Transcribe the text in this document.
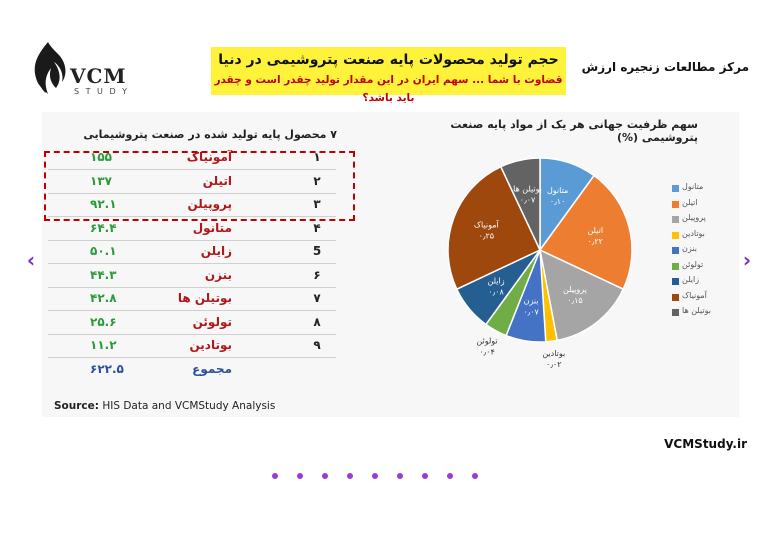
‹	›
VCM
S T U D Y
حجم تولید محصولات پایه صنعت پتروشیمی در دنیا
قضاوت با شما ... سهم ایران در این مقدار تولید چقدر است و چقدر باید باشد؟
مرکز مطالعات زنجیره ارزش
۷ محصول پایه تولید شده در صنعت پتروشیمایی
۱
آمونیاک
۱۵۵
۲
اتیلن
۱۳۷
۳
پروپیلن
۹۲.۱
۴
متانول
۶۴.۴
5
زایلن
۵۰.۱
۶
بنزن
۴۴.۳
۷
بوتیلن ها
۴۲.۸
۸
تولوئن
۲۵.۶
۹
بوتادین
۱۱.۲
مجموع
۶۲۲.۵
Source: HIS Data and VCMStudy Analysis
سهم ظرفیت جهانی هر یک از مواد پایه صنعت پتروشیمی (%)
متانول
۰٫۱۰
اتیلن
۰٫۲۲
پروپیلن
۰٫۱۵
بوتادین
۰٫۰۲
بنزن
۰٫۰۷
تولوئن
۰٫۰۴
زایلن
۰٫۰۸
آمونیاک
۰٫۲۵
بوتیلن ها
۰٫۰۷
متانول
اتیلن
پروپیلن
بوتادین
بنزن
تولوئن
زایلن
آمونیاک
بوتیلن ها
VCMStudy.ir
